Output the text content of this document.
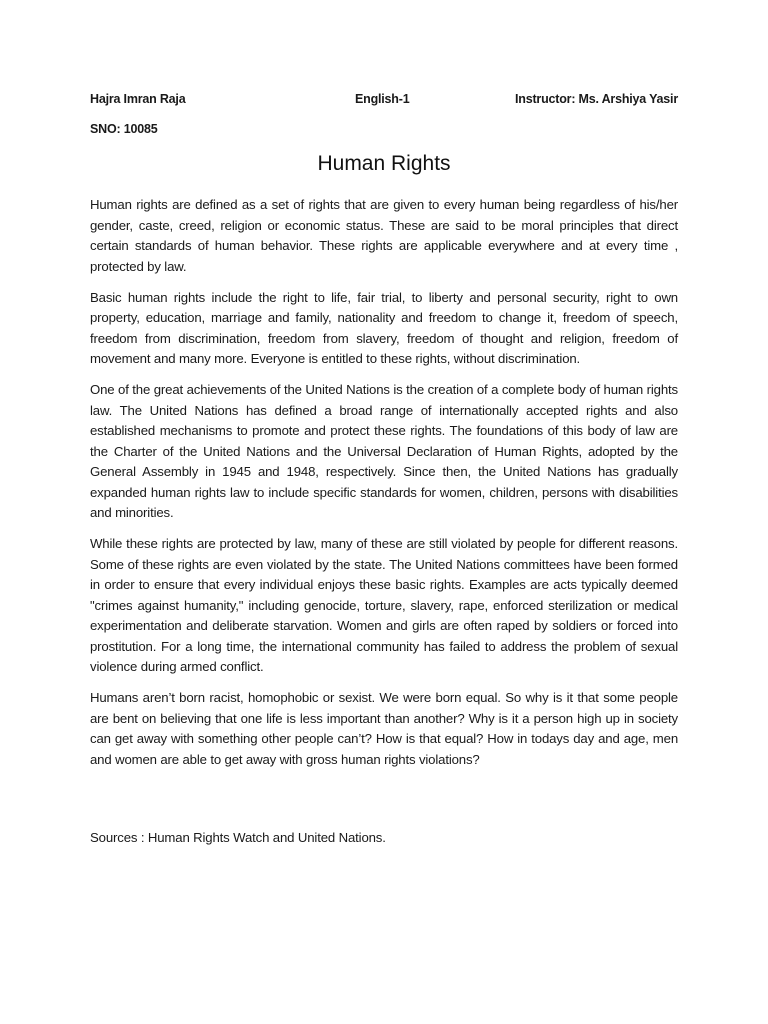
Hajra Imran Raja	English-1	Instructor: Ms. Arshiya Yasir
SNO: 10085
Human Rights

Human rights are defined as a set of rights that are given to every human being regardless of his/her gender, caste, creed, religion or economic status. These are said to be moral principles that direct certain standards of human behavior. These rights are applicable everywhere and at every time , protected by law.

Basic human rights include the right to life, fair trial, to liberty and personal security, right to own property, education, marriage and family, nationality and freedom to change it, freedom of speech, freedom from discrimination, freedom from slavery, freedom of thought and religion, freedom of movement and many more. Everyone is entitled to these rights, without discrimination.

One of the great achievements of the United Nations is the creation of a complete body of human rights law. The United Nations has defined a broad range of internationally accepted rights and also established mechanisms to promote and protect these rights. The foundations of this body of law are the Charter of the United Nations and the Universal Declaration of Human Rights, adopted by the General Assembly in 1945 and 1948, respectively. Since then, the United Nations has gradually expanded human rights law to include specific standards for women, children, persons with disabilities and minorities.

While these rights are protected by law, many of these are still violated by people for different reasons. Some of these rights are even violated by the state. The United Nations committees have been formed in order to ensure that every individual enjoys these basic rights. Examples are acts typically deemed "crimes against humanity," including genocide, torture, slavery, rape, enforced sterilization or medical experimentation and deliberate starvation. Women and girls are often raped by soldiers or forced into prostitution. For a long time, the international community has failed to address the problem of sexual violence during armed conflict.

Humans aren’t born racist, homophobic or sexist. We were born equal. So why is it that some people are bent on believing that one life is less important than another? Why is it a person high up in society can get away with something other people can’t? How is that equal? How in todays day and age, men and women are able to get away with gross human rights violations?

Sources : Human Rights Watch and United Nations.
